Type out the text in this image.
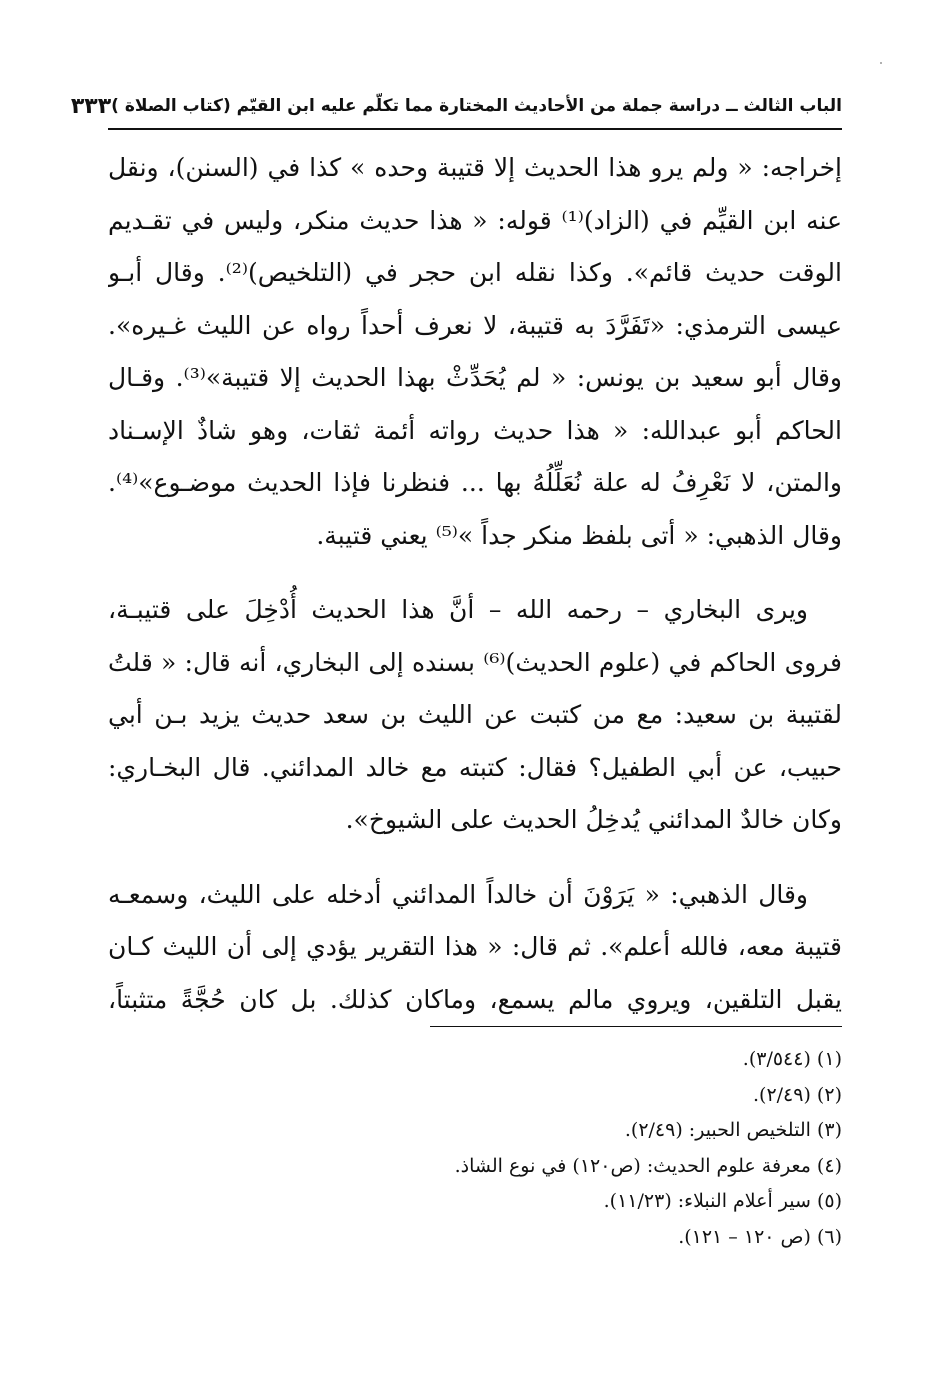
الباب الثالث ــ دراسة جملة من الأحاديث المختارة مما تكلّم عليه ابن القيّم (كتاب الصلاة )
٣٣٣

إخراجه: « ولم يرو هذا الحديث إلا قتيبة وحده » كذا في (السنن)، ونقل

عنه ابن القيِّم في (الزاد)⁽¹⁾ قوله: « هذا حديث منكر، وليس في تقـديم

الوقت حديث قائم». وكذا نقله ابن حجر في (التلخيص)⁽²⁾. وقال أبـو

عيسى الترمذي: «تَفَرَّدَ به قتيبة، لا نعرف أحداً رواه عن الليث غـيره».

وقال أبو سعيد بن يونس: « لم يُحَدِّثْ بهذا الحديث إلا قتيبة»⁽³⁾. وقـال

الحاكم أبو عبدالله: « هذا حديث رواته أئمة ثقات، وهو شاذٌ الإسـناد

والمتن، لا نَعْرِفُ له علة نُعَلِّلُهُ بها ... فنظرنا فإذا الحديث موضـوع»⁽⁴⁾.

وقال الذهبي: « أتى بلفظ منكر جداً »⁽⁵⁾ يعني قتيبة.

ويرى البخاري – رحمه الله – أنَّ هذا الحديث أُدْخِلَ على قتيبـة،

فروى الحاكم في (علوم الحديث)⁽⁶⁾ بسنده إلى البخاري، أنه قال: « قلتُ

لقتيبة بن سعيد: مع من كتبت عن الليث بن سعد حديث يزيد بـن أبي

حبيب، عن أبي الطفيل؟ فقال: كتبته مع خالد المدائني. قال البخـاري:

وكان خالدٌ المدائني يُدخِلُ الحديث على الشيوخ».

وقال الذهبي: « يَرَوْنَ أن خالداً المدائني أدخله على الليث، وسمعـه

قتيبة معه، فالله أعلم». ثم قال: « هذا التقرير يؤدي إلى أن الليث كـان

يقبل التلقين، ويروي مالم يسمع، وماكان كذلك. بل كان حُجَّةً متثبتاً،

(١) (٣/٥٤٤).

(٢) (٢/٤٩).

(٣) التلخيص الحبير: (٢/٤٩).

(٤) معرفة علوم الحديث: (ص١٢٠) في نوع الشاذ.

(٥) سير أعلام النبلاء: (١١/٢٣).

(٦) (ص ١٢٠ – ١٢١).
